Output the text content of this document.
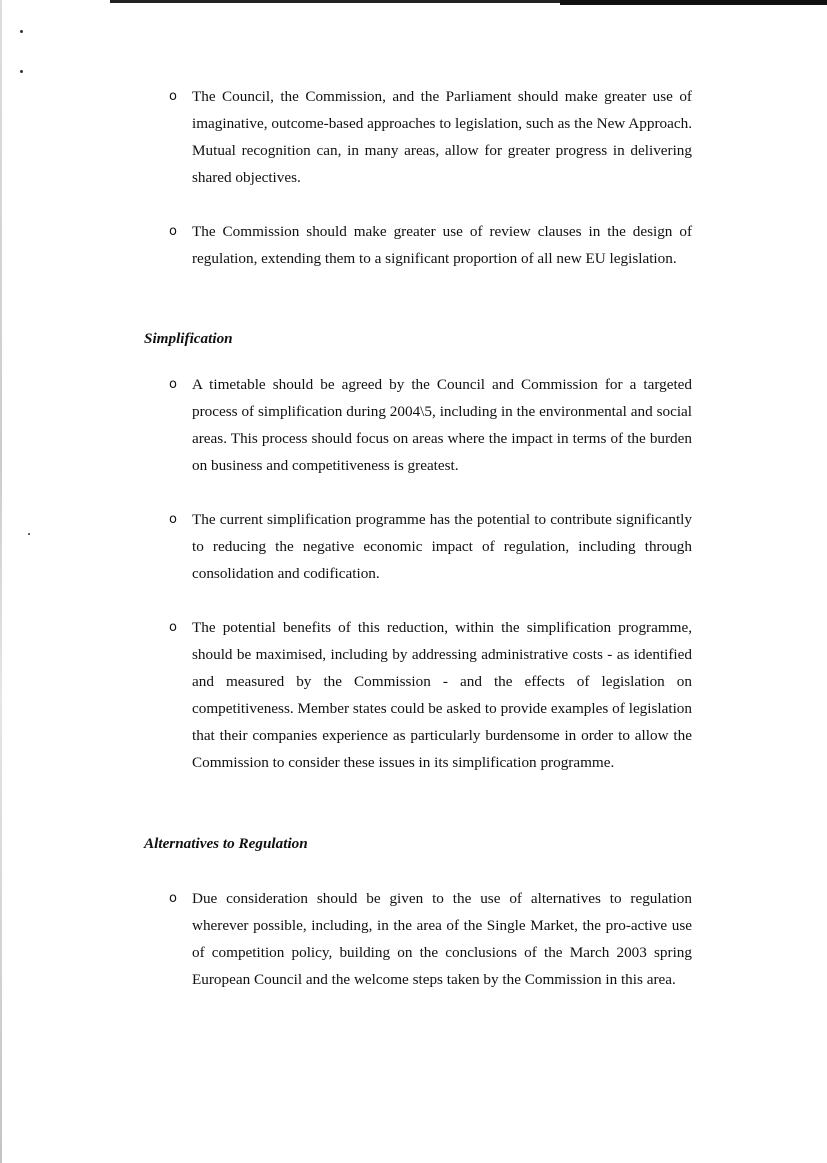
o The Council, the Commission, and the Parliament should make greater use of imaginative, outcome-based approaches to legislation, such as the New Approach. Mutual recognition can, in many areas, allow for greater progress in delivering shared objectives.
o The Commission should make greater use of review clauses in the design of regulation, extending them to a significant proportion of all new EU legislation.
Simplification
o A timetable should be agreed by the Council and Commission for a targeted process of simplification during 2004\5, including in the environmental and social areas. This process should focus on areas where the impact in terms of the burden on business and competitiveness is greatest.
o The current simplification programme has the potential to contribute significantly to reducing the negative economic impact of regulation, including through consolidation and codification.
o The potential benefits of this reduction, within the simplification programme, should be maximised, including by addressing administrative costs - as identified and measured by the Commission - and the effects of legislation on competitiveness. Member states could be asked to provide examples of legislation that their companies experience as particularly burdensome in order to allow the Commission to consider these issues in its simplification programme.
Alternatives to Regulation
o Due consideration should be given to the use of alternatives to regulation wherever possible, including, in the area of the Single Market, the pro-active use of competition policy, building on the conclusions of the March 2003 spring European Council and the welcome steps taken by the Commission in this area.
